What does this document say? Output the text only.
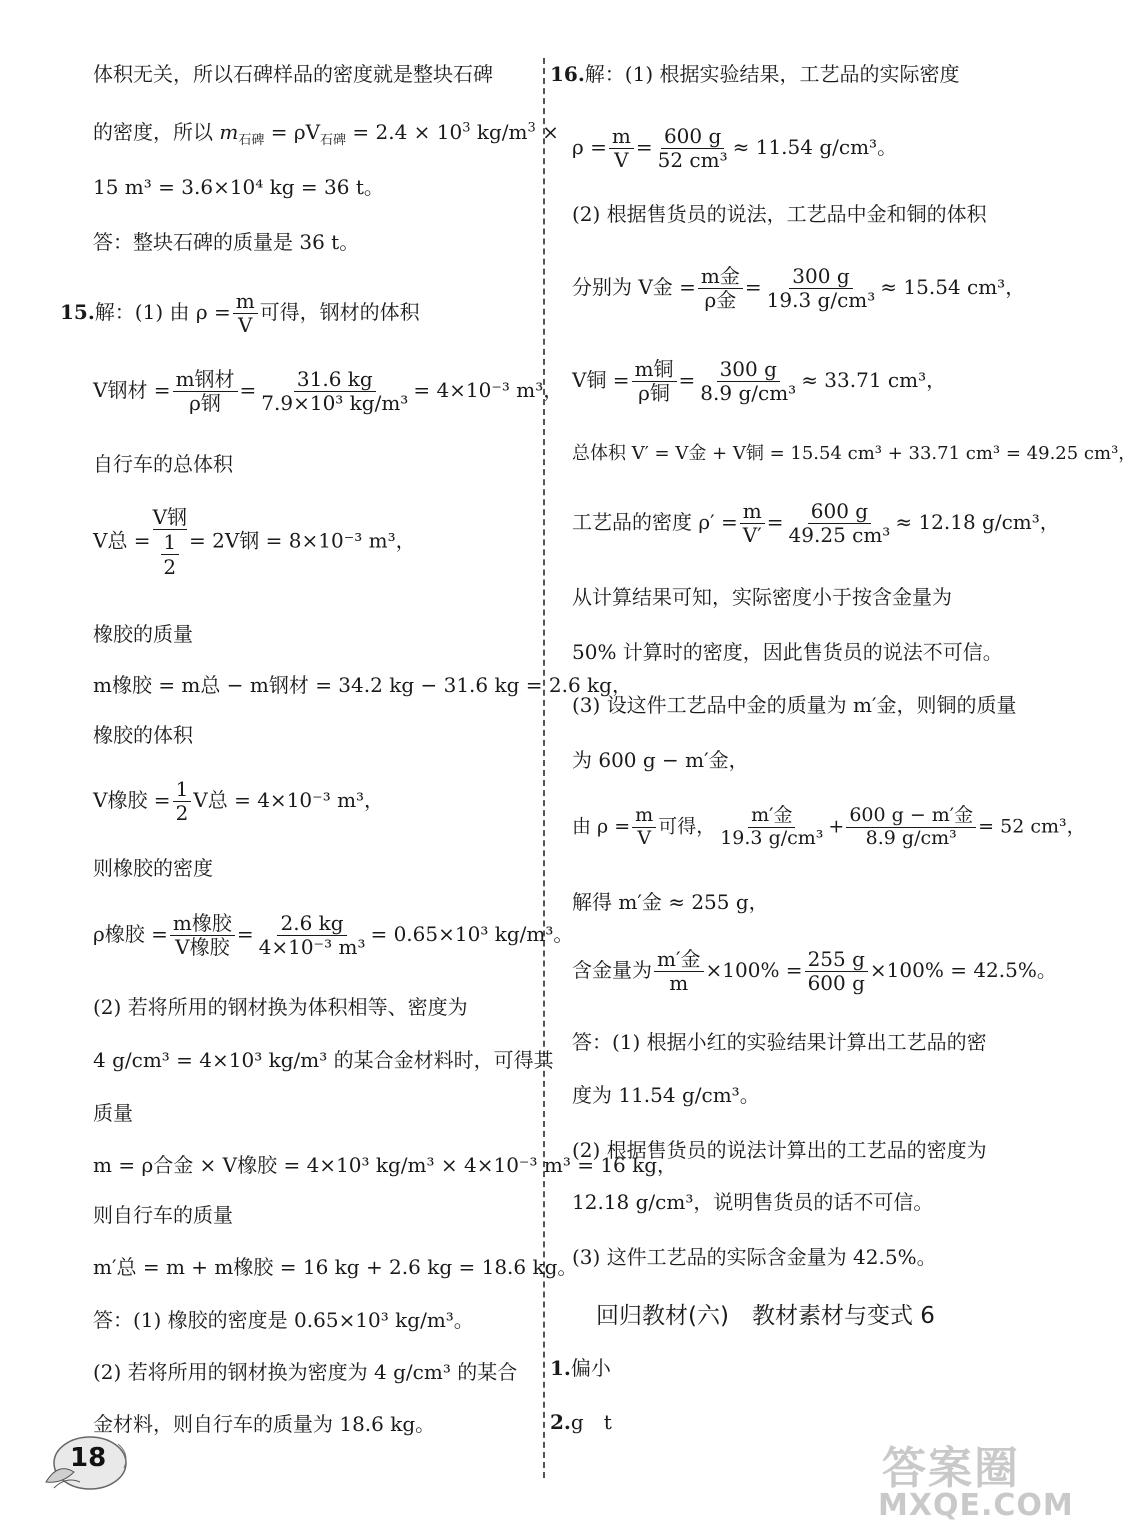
体积无关，所以石碑样品的密度就是整块石碑
的密度，所以 $m_{石碑} = \rho V_{石碑} = 2.4 \times 10^3$ $kg/m^3$ ×
15 m³ = 3.6×10⁴ kg = 36 t。
答：整块石碑的质量是 36 t。
15.解：(1) 由 $\rho = \frac{m}{V}$ 可得，钢材的体积
V钢材 = m钢材
ρ钢
= $\frac{31.6 kg}{\text{7.9×10³ kg/m³}} = 4\times 10^{-3}$ m³，
自行车的总体积
V总 =
V钢
1
2
= 2V钢 = 8×10⁻³ m³，
橡胶的质量
m橡胶 = m总 − m钢材 = 34.2 kg − 31.6 kg = 2.6 kg，
橡胶的体积
V橡胶 = $\frac{1}{2}$ V总 = 4×10⁻³ m³，
则橡胶的密度
ρ橡胶 = m橡胶
V橡胶
= $\frac{2.6 kg}{\text{4×10⁻³ m³}} = 0.65\times 10^3$ kg/m³。
(2) 若将所用的钢材换为体积相等、密度为
4 g/cm³ = 4×10³ kg/m³ 的某合金材料时，可得其
质量
m = ρ合金 × V橡胶 = 4×10³ kg/m³ × 4×10⁻³ m³ = 16 kg，
则自行车的质量
m′总 = m + m橡胶 = 16 kg + 2.6 kg = 18.6 kg。
答：(1) 橡胶的密度是 0.65×10³ kg/m³。
(2) 若将所用的钢材换为密度为 4 g/cm³ 的某合
金材料，则自行车的质量为 18.6 kg。
16.解：(1) 根据实验结果，工艺品的实际密度
$\rho = \frac{m}{V} = \frac{600 g}{\text{52 cm³}} \approx 11.54$ g/cm³。
(2) 根据售货员的说法，工艺品中金和铜的体积
分别为 V金 = m金
ρ金
= $\frac{300 g}{\text{19.3 g/cm³}} \approx 15.54$ cm³，
V铜 = m铜
ρ铜
= $\frac{300 g}{\text{8.9 g/cm³}} \approx 33.71$ cm³，
总体积 V′ = V金 + V铜 = 15.54 cm³ + 33.71 cm³ = 49.25 cm³，
工艺品的密度 $\rho' = \frac{m}{V'} = \frac{600 g}{\text{49.25 cm³}} \approx 12.18$ g/cm³，
从计算结果可知，实际密度小于按含金量为
50% 计算时的密度，因此售货员的说法不可信。
(3) 设这件工艺品中金的质量为 m′金，则铜的质量
为 600 g − m′金，
由 $\rho = \frac{m}{V}$ 可得，
m′金
19.3 g/cm³
+
600 g − m′金
8.9 g/cm³
= 52 cm³，
解得 m′金 ≈ 255 g，
含金量为 m′金
m
$\times 100\% = \frac{255 g}{600 g} \times 100\% = 42.5\%$。
答：(1) 根据小红的实验结果计算出工艺品的密
度为 11.54 g/cm³。
(2) 根据售货员的说法计算出的工艺品的密度为
12.18 g/cm³，说明售货员的话不可信。
(3) 这件工艺品的实际含金量为 42.5%。
1.偏小
2.g　t
回归教材(六)　教材素材与变式 6
18	答案圈
MXQE.COM
